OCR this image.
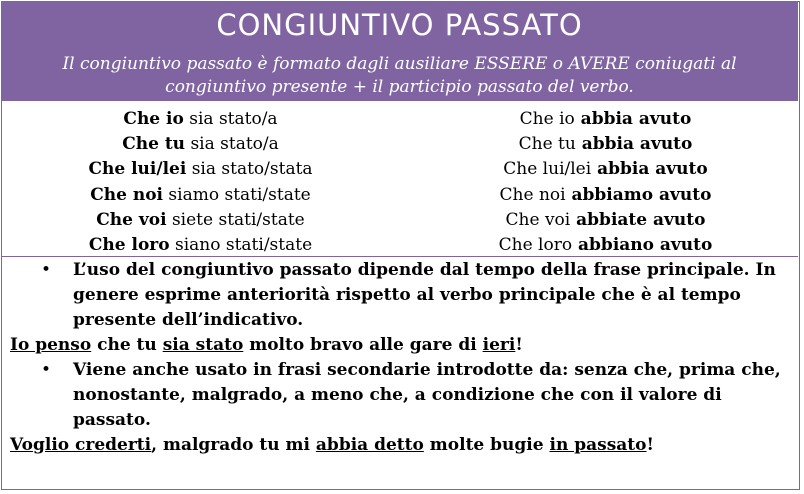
CONGIUNTIVO PASSATO
Il congiuntivo passato è formato dagli ausiliare ESSERE o AVERE coniugati al congiuntivo presente + il participio passato del verbo.
Che io sia stato/a
Che tu sia stato/a
Che lui/lei sia stato/stata
Che noi siamo stati/state
Che voi siete stati/state
Che loro siano stati/state
Che io abbia avuto
Che tu abbia avuto
Che lui/lei abbia avuto
Che noi abbiamo avuto
Che voi abbiate avuto
Che loro abbiano avuto
• L’uso del congiuntivo passato dipende dal tempo della frase principale. In genere esprime anteriorità rispetto al verbo principale che è al tempo presente dell’indicativo.
Io penso che tu sia stato molto bravo alle gare di ieri!
• Viene anche usato in frasi secondarie introdotte da: senza che, prima che, nonostante, malgrado, a meno che, a condizione che con il valore di passato.
Voglio crederti, malgrado tu mi abbia detto molte bugie in passato!
